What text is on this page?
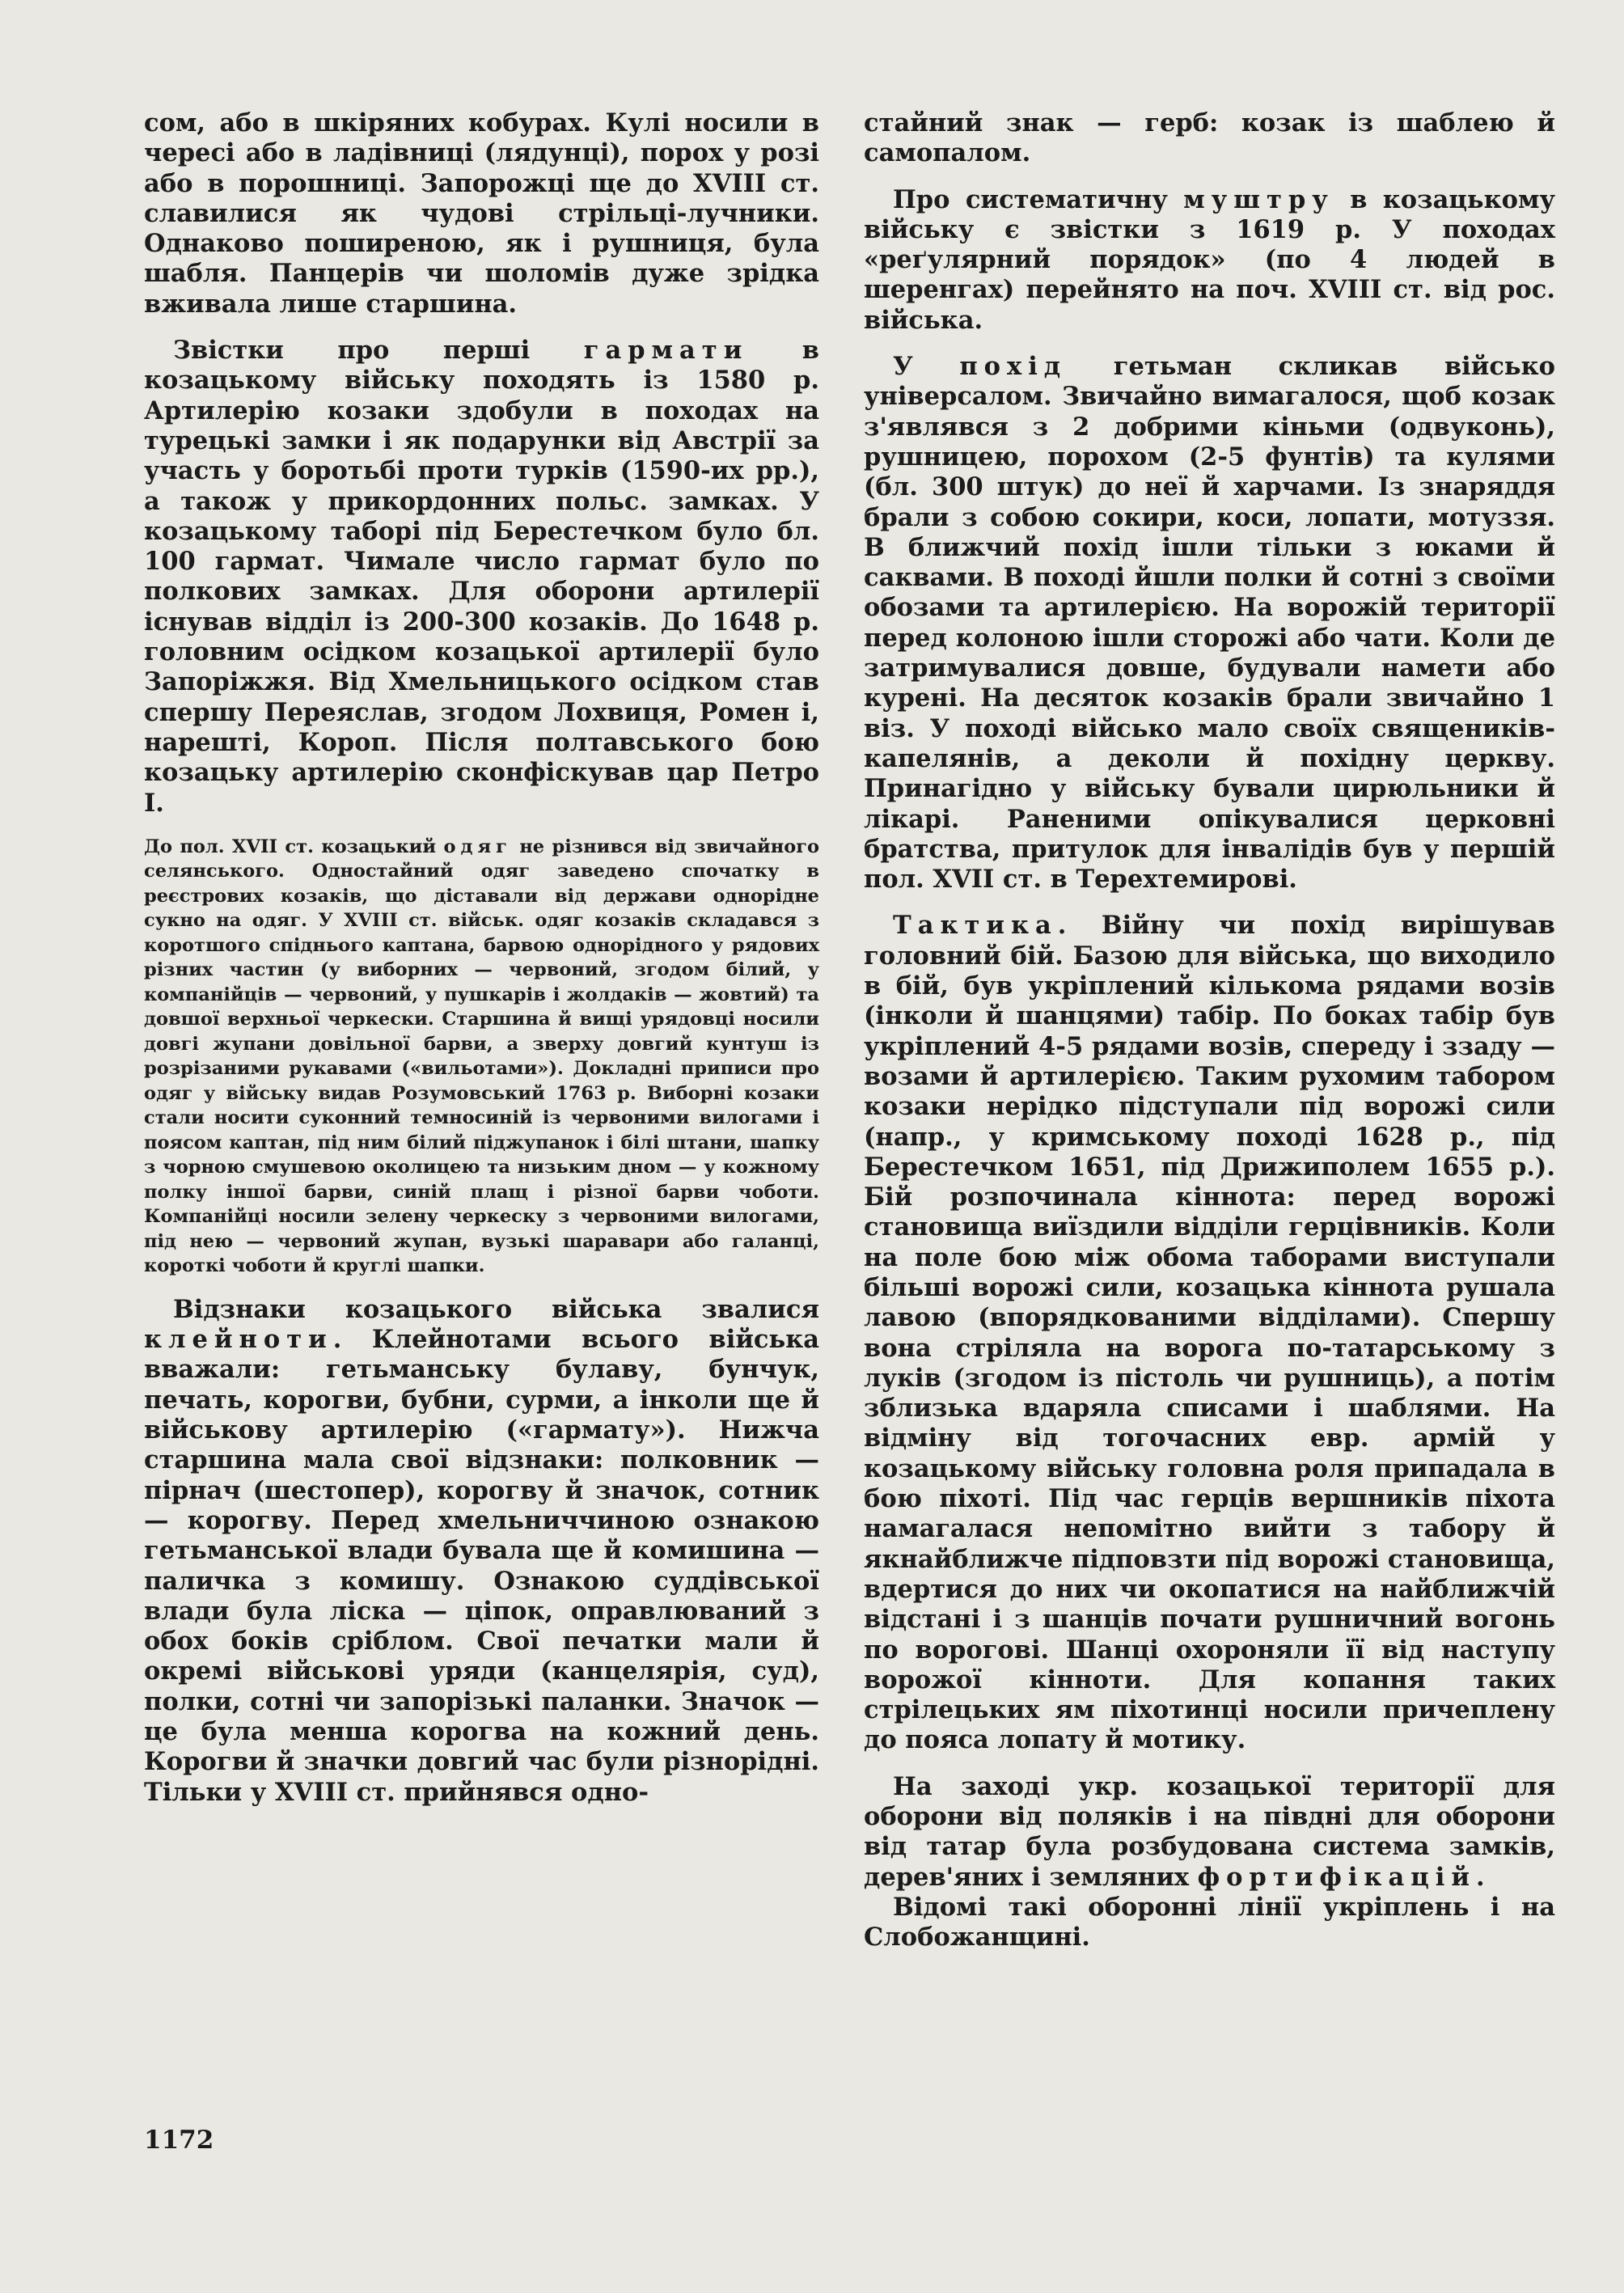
сом, або в шкіряних кобурах. Кулі носили в чересі або в ладівниці (лядунці), порох у розі або в порошниці. Запорожці ще до XVIII ст. славилися як чудові стрільці-лучники. Однаково поширеною, як і рушниця, була шабля. Панцерів чи шоломів дуже зрідка вживала лише старшина.

Звістки про перші гармати в козацькому війську походять із 1580 р. Артилерію козаки здобули в походах на турецькі замки і як подарунки від Австрії за участь у боротьбі проти турків (1590-их рр.), а також у прикордонних польс. замках. У козацькому таборі під Берестечком було бл. 100 гармат. Чимале число гармат було по полкових замках. Для оборони артилерії існував відділ із 200-300 козаків. До 1648 р. головним осідком козацької артилерії було Запоріжжя. Від Хмельницького осідком став спершу Переяслав, згодом Лохвиця, Ромен і, нарешті, Короп. Після полтавського бою козацьку артилерію сконфіскував цар Петро І.

До пол. XVII ст. козацький одяг не різнився від звичайного селянського. Одностайний одяг заведено спочатку в реєстрових козаків, що діставали від держави однорідне сукно на одяг. У XVIII ст. військ. одяг козаків складався з коротшого спіднього каптана, барвою однорідного у рядових різних частин (у виборних — червоний, згодом білий, у компанійців — червоний, у пушкарів і жолдаків — жовтий) та довшої верхньої черкески. Старшина й вищі урядовці носили довгі жупани довільної барви, а зверху довгий кунтуш із розрізаними рукавами («вильотами»). Докладні приписи про одяг у війську видав Розумовський 1763 р. Виборні козаки стали носити суконний темносиній із червоними вилогами і поясом каптан, під ним білий піджупанок і білі штани, шапку з чорною смушевою околицею та низьким дном — у кожному полку іншої барви, синій плащ і різної барви чоботи. Компанійці носили зелену черкеску з червоними вилогами, під нею — червоний жупан, вузькі шаравари або галанці, короткі чоботи й круглі шапки.

Відзнаки козацького війська звалися клейноти. Клейнотами всього війська вважали: гетьманську булаву, бунчук, печать, корогви, бубни, сурми, а інколи ще й військову артилерію («гармату»). Нижча старшина мала свої відзнаки: полковник — пірнач (шестопер), корогву й значок, сотник — корогву. Перед хмельниччиною ознакою гетьманської влади бувала ще й комишина — паличка з комишу. Ознакою суддівської влади була ліска — ціпок, оправлюваний з обох боків сріблом. Свої печатки мали й окремі військові уряди (канцелярія, суд), полки, сотні чи запорізькі паланки. Значок — це була менша корогва на кожний день. Корогви й значки довгий час були різнорідні. Тільки у XVIII ст. прийнявся одно-

стайний знак — герб: козак із шаблею й самопалом.

Про систематичну муштру в козацькому війську є звістки з 1619 р. У походах «реґулярний порядок» (по 4 людей в шеренгах) перейнято на поч. XVIII ст. від рос. війська.

У похід гетьман скликав військо універсалом. Звичайно вимагалося, щоб козак з'являвся з 2 добрими кіньми (одвуконь), рушницею, порохом (2-5 фунтів) та кулями (бл. 300 штук) до неї й харчами. Із знаряддя брали з собою сокири, коси, лопати, мотуззя. В ближчий похід ішли тільки з юками й саквами. В поході йшли полки й сотні з своїми обозами та артилерією. На ворожій території перед колоною ішли сторожі або чати. Коли де затримувалися довше, будували намети або курені. На десяток козаків брали звичайно 1 віз. У поході військо мало своїх священиків-капелянів, а деколи й похідну церкву. Принагідно у війську бували цирюльники й лікарі. Раненими опікувалися церковні братства, притулок для інвалідів був у першій пол. XVII ст. в Терехтемирові.

Тактика. Війну чи похід вирішував головний бій. Базою для війська, що виходило в бій, був укріплений кількома рядами возів (інколи й шанцями) табір. По боках табір був укріплений 4-5 рядами возів, спереду і ззаду — возами й артилерією. Таким рухомим табором козаки нерідко підступали під ворожі сили (напр., у кримському поході 1628 р., під Берестечком 1651, під Дрижиполем 1655 р.). Бій розпочинала кіннота: перед ворожі становища виїздили відділи герцівників. Коли на поле бою між обома таборами виступали більші ворожі сили, козацька кіннота рушала лавою (впорядкованими відділами). Спершу вона стріляла на ворога по-татарському з луків (згодом із пістоль чи рушниць), а потім зблизька вдаряла списами і шаблями. На відміну від тогочасних евр. армій у козацькому війську головна роля припадала в бою піхоті. Під час герців вершників піхота намагалася непомітно вийти з табору й якнайближче підповзти під ворожі становища, вдертися до них чи окопатися на найближчій відстані і з шанців почати рушничний вогонь по ворогові. Шанці охороняли її від наступу ворожої кінноти. Для копання таких стрілецьких ям піхотинці носили причеплену до пояса лопату й мотику.

На заході укр. козацької території для оборони від поляків і на півдні для оборони від татар була розбудована система замків, дерев'яних і земляних фортифікацій.

Відомі такі оборонні лінії укріплень і на Слобожанщині.

1172
